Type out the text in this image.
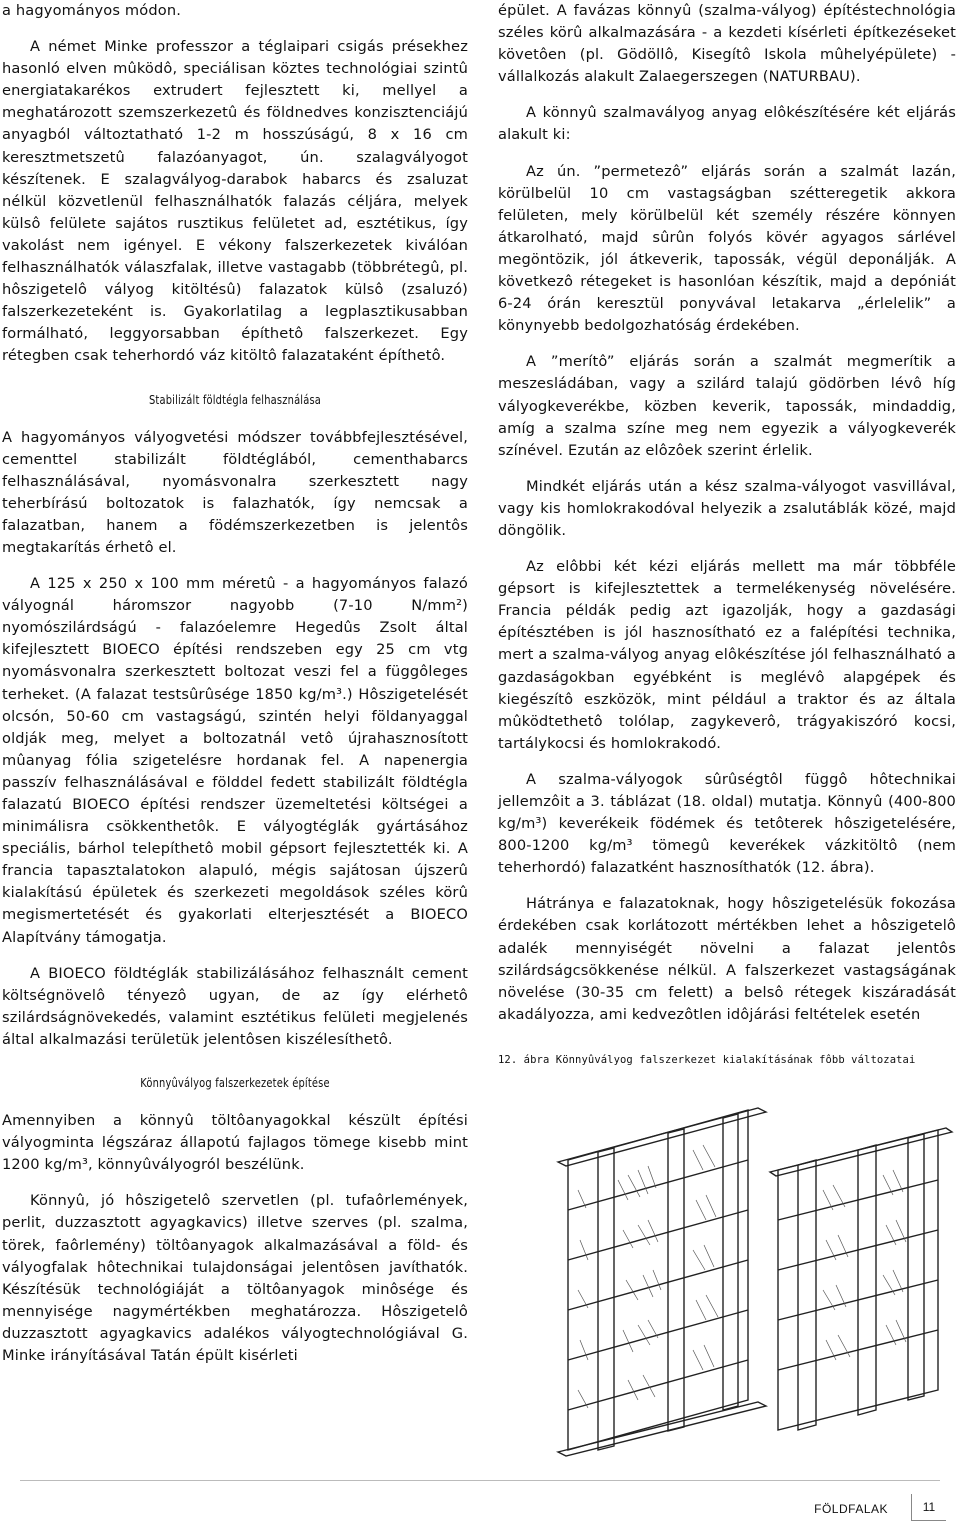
a hagyományos módon.

A német Minke professzor a téglaipari csigás présekhez hasonló elven mûködô, speciálisan köztes technológiai szintû energiatakarékos extrudert fejlesztett ki, mellyel a meghatározott szemszerkezetû és földnedves konzisztenciájú anyagból változtatható 1-2 m hosszúságú, 8 x 16 cm keresztmetszetû falazóanyagot, ún. szalagvályogot készítenek. E szalagvályog-darabok habarcs és zsaluzat nélkül közvetlenül felhasználhatók falazás céljára, melyek külsô felülete sajátos rusztikus felületet ad, esztétikus, így vakolást nem igényel. E vékony falszerkezetek kiválóan felhasználhatók válaszfalak, illetve vastagabb (többrétegû, pl. hôszigetelô vályog kitöltésû) falazatok külsô (zsaluzó) falszerkezeteként is. Gyakorlatilag a legplasztikusabban formálható, leggyorsabban építhetô falszerkezet. Egy rétegben csak teherhordó váz kitöltô falazataként építhetô.

Stabilizált földtégla felhasználása

A hagyományos vályogvetési módszer továbbfejlesztésével, cementtel stabilizált földtéglából, cementhabarcs felhasználásával, nyomásvonalra szerkesztett nagy teherbírású boltozatok is falazhatók, így nemcsak a falazatban, hanem a födémszerkezetben is jelentôs megtakarítás érhetô el.

A 125 x 250 x 100 mm méretû - a hagyományos falazó vályognál háromszor nagyobb (7-10 N/mm²) nyomószilárdságú - falazóelemre Hegedûs Zsolt által kifejlesztett BIOECO építési rendszeben egy 25 cm vtg nyomásvonalra szerkesztett boltozat veszi fel a függôleges terheket. (A falazat testsûrûsége 1850 kg/m³.) Hôszigetelését olcsón, 50-60 cm vastagságú, szintén helyi földanyaggal oldják meg, melyet a boltozatnál vetô újrahasznosított mûanyag fólia szigetelésre hordanak fel. A napenergia passzív felhasználásával e földdel fedett stabilizált földtégla falazatú BIOECO építési rendszer üzemeltetési költségei a minimálisra csökkenthetôk. E vályogtéglák gyártásához speciális, bárhol telepíthetô mobil gépsort fejlesztették ki. A francia tapasztalatokon alapuló, mégis sajátosan újszerû kialakítású épületek és szerkezeti megoldások széles körû megismertetését és gyakorlati elterjesztését a BIOECO Alapítvány támogatja.

A BIOECO földtéglák stabilizálásához felhasznált cement költségnövelô tényezô ugyan, de az így elérhetô szilárdságnövekedés, valamint esztétikus felületi megjelenés által alkalmazási területük jelentôsen kiszélesíthetô.

Könnyûvályog falszerkezetek építése

Amennyiben a könnyû töltôanyagokkal készült építési vályogminta légszáraz állapotú fajlagos tömege kisebb mint 1200 kg/m³, könnyûvályogról beszélünk.

Könnyû, jó hôszigetelô szervetlen (pl. tufaôrlemények, perlit, duzzasztott agyagkavics) illetve szerves (pl. szalma, törek, faôrlemény) töltôanyagok alkalmazásával a föld- és vályogfalak hôtechnikai tulajdonságai jelentôsen javíthatók. Készítésük technológiáját a töltôanyagok minôsége és mennyisége nagymértékben meghatározza. Hôszigetelô duzzasztott agyagkavics adalékos vályogtechnológiával G. Minke irányításával Tatán épült kisérleti

épület. A favázas könnyû (szalma-vályog) építéstechnológia széles körû alkalmazására - a kezdeti kísérleti építkezéseket követôen (pl. Gödöllô, Kisegítô Iskola mûhelyépülete) - vállalkozás alakult Zalaegerszegen (NATURBAU).

A könnyû szalmavályog anyag elôkészítésére két eljárás alakult ki:

Az ún. ”permetezô” eljárás során a szalmát lazán, körülbelül 10 cm vastagságban szétteregetik akkora felületen, mely körülbelül két személy részére könnyen átkarolható, majd sûrûn folyós kövér agyagos sárlével megöntözik, jól átkeverik, tapossák, végül deponálják. A következô rétegeket is hasonlóan készítik, majd a depóniát 6-24 órán keresztül ponyvával letakarva „érlelelik” a könynyebb bedolgozhatóság érdekében.

A ”merítô” eljárás során a szalmát megmerítik a meszesládában, vagy a szilárd talajú gödörben lévô híg vályogkeverékbe, közben keverik, tapossák, mindaddig, amíg a szalma színe meg nem egyezik a vályogkeverék színével. Ezután az elôzôek szerint érlelik.

Mindkét eljárás után a kész szalma-vályogot vasvillával, vagy kis homlokrakodóval helyezik a zsalutáblák közé, majd döngölik.

Az elôbbi két kézi eljárás mellett ma már többféle gépsort is kifejlesztettek a termelékenység növelésére. Francia példák pedig azt igazolják, hogy a gazdasági építésztében is jól hasznosítható ez a falépítési technika, mert a szalma-vályog anyag elôkészítése jól felhasználható a gazdaságokban egyébként is meglévô alapgépek és kiegészítô eszközök, mint például a traktor és az általa mûködtethetô tolólap, zagykeverô, trágyakiszóró kocsi, tartálykocsi és homlokrakodó.

A szalma-vályogok sûrûségtôl függô hôtechnikai jellemzôit a 3. táblázat (18. oldal) mutatja. Könnyû (400-800 kg/m³) keverékeik födémek és tetôterek hôszigetelésére, 800-1200 kg/m³ tömegû keverékek vázkitöltô (nem teherhordó) falazatként hasznosíthatók (12. ábra).

Hátránya e falazatoknak, hogy hôszigetelésük fokozása érdekében csak korlátozott mértékben lehet a hôszigetelô adalék mennyiségét növelni a falazat jelentôs szilárdságcsökkenése nélkül. A falszerkezet vastagságának növelése (30-35 cm felett) a belsô rétegek kiszáradását akadályozza, ami kedvezôtlen idôjárási feltételek esetén

12. ábra Könnyûvályog falszerkezet kialakításának fôbb változatai
FÖLDFALAK	11
